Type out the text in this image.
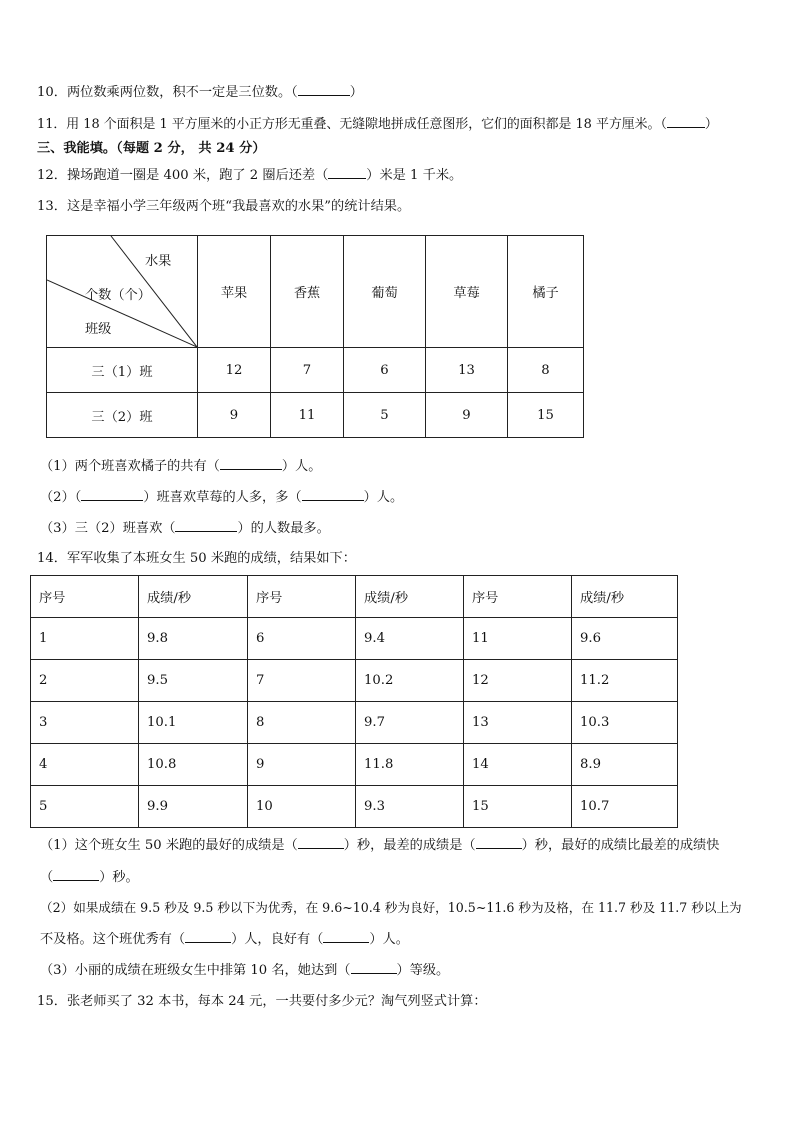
10．两位数乘两位数，积不一定是三位数。（	）
11．用 18 个面积是 1 平方厘米的小正方形无重叠、无缝隙地拼成任意图形，它们的面积都是 18 平方厘米。（	）
三、我能填。（每题 2 分， 共 24 分）
12．操场跑道一圈是 400 米，跑了 2 圈后还差（	）米是 1 千米。
13．这是幸福小学三年级两个班“我最喜欢的水果”的统计结果。
水果
个数（个）
班级	苹果	香蕉	葡萄	草莓	橘子
三（1）班	12	7	6	13	8
三（2）班	9	11	5	9	15
（1）两个班喜欢橘子的共有（	）人。
（2）（	）班喜欢草莓的人多，多（	）人。
（3）三（2）班喜欢（	）的人数最多。
14．军军收集了本班女生 50 米跑的成绩，结果如下：
序号	成绩/秒	序号	成绩/秒	序号	成绩/秒
1	9.8	6	9.4	11	9.6
2	9.5	7	10.2	12	11.2
3	10.1	8	9.7	13	10.3
4	10.8	9	11.8	14	8.9
5	9.9	10	9.3	15	10.7
（1）这个班女生 50 米跑的最好的成绩是（	）秒，最差的成绩是（	）秒，最好的成绩比最差的成绩快
（	）秒。
（2）如果成绩在 9.5 秒及 9.5 秒以下为优秀，在 9.6~10.4 秒为良好，10.5~11.6 秒为及格，在 11.7 秒及 11.7 秒以上为
不及格。这个班优秀有（	）人，良好有（	）人。
（3）小丽的成绩在班级女生中排第 10 名，她达到（	）等级。
15．张老师买了 32 本书，每本 24 元，一共要付多少元？淘气列竖式计算：
